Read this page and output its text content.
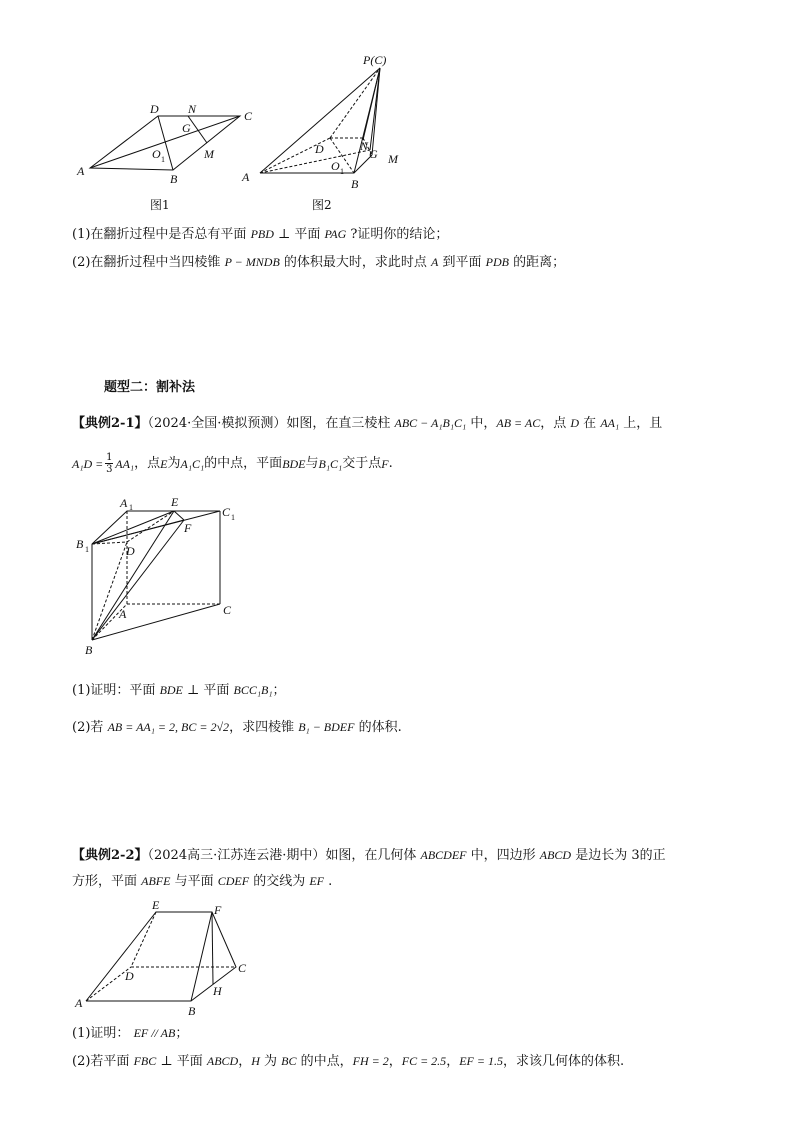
A
B
C
D N
G
M
O 1
图1
P(C)
A	B
D	N
G M
O 1
图2
(1)在翻折过程中是否总有平面 PBD ⊥ 平面 PAG ?证明你的结论；
(2)在翻折过程中当四棱锥 P − MNDB 的体积最大时，求此时点 A 到平面 PDB 的距离；
题型二：割补法
【典例2-1】（2024·全国·模拟预测）如图，在直三棱柱 ABC − A₁B₁C₁ 中，AB = AC，点 D 在 AA₁ 上，且
A₁D = 1
3 AA₁ ，点 E 为 A₁C₁ 的中点，平面 BDE 与 B₁C₁ 交于点 F .
A 1	E
C 1
B 1
F
D
A	C
B
(1)证明：平面 BDE ⊥ 平面 BCC₁B₁；
(2)若 AB = AA₁ = 2, BC = 2√2，求四棱锥 B₁ − BDEF 的体积.
【典例2-2】（2024高三·江苏连云港·期中）如图，在几何体 ABCDEF 中，四边形 ABCD 是边长为 3的正
方形，平面 ABFE 与平面 CDEF 的交线为 EF .
E	F
D
C
A
B
H
(1)证明： EF // AB；
(2)若平面 FBC ⊥ 平面 ABCD，H 为 BC 的中点，FH = 2，FC = 2.5，EF = 1.5，求该几何体的体积.
